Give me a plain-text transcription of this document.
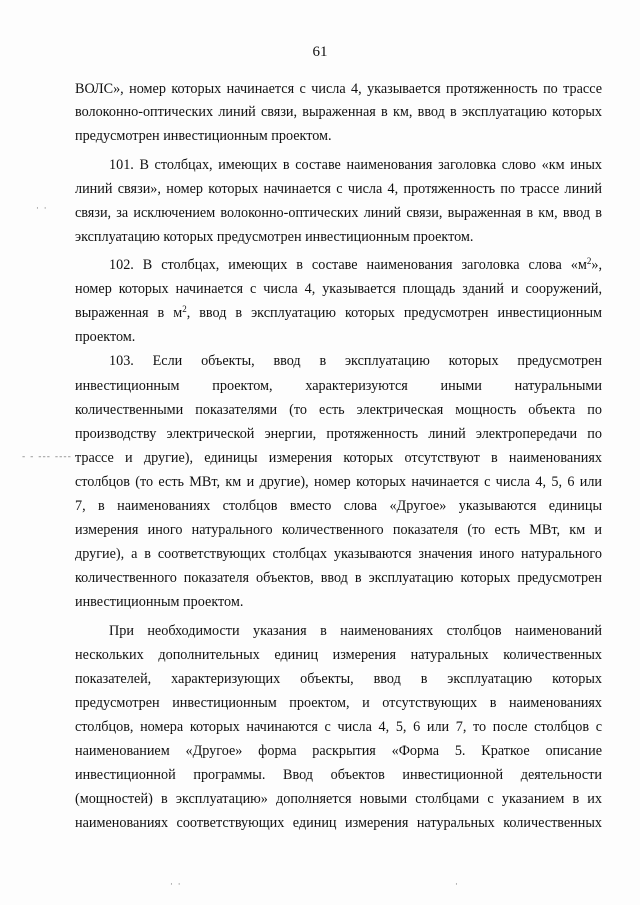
61
ВОЛС», номер которых начинается с числа 4, указывается протяженность по трассе
волоконно-оптических линий связи, выраженная в км, ввод в эксплуатацию которых
предусмотрен инвестиционным проектом.
101. В столбцах, имеющих в составе наименования заголовка слово «км иных
линий связи», номер которых начинается с числа 4, протяженность по трассе линий
связи, за исключением волоконно-оптических линий связи, выраженная в км, ввод в
эксплуатацию которых предусмотрен инвестиционным проектом.
102. В столбцах, имеющих в составе наименования заголовка слова «$м^2$»,
номер которых начинается с числа 4, указывается площадь зданий и сооружений,
выраженная в $м^2$, ввод в эксплуатацию которых предусмотрен инвестиционным
проектом.
103. Если объекты, ввод в эксплуатацию которых предусмотрен
инвестиционным проектом, характеризуются иными натуральными
количественными показателями (то есть электрическая мощность объекта по
производству электрической энергии, протяженность линий электропередачи по
трассе и другие), единицы измерения которых отсутствуют в наименованиях
столбцов (то есть МВт, км и другие), номер которых начинается с числа 4, 5, 6 или
7, в наименованиях столбцов вместо слова «Другое» указываются единицы
измерения иного натурального количественного показателя (то есть МВт, км и
другие), а в соответствующих столбцах указываются значения иного натурального
количественного показателя объектов, ввод в эксплуатацию которых предусмотрен
инвестиционным проектом.
При необходимости указания в наименованиях столбцов наименований
нескольких дополнительных единиц измерения натуральных количественных
показателей, характеризующих объекты, ввод в эксплуатацию которых
предусмотрен инвестиционным проектом, и отсутствующих в наименованиях
столбцов, номера которых начинаются с числа 4, 5, 6 или 7, то после столбцов с
наименованием «Другое» форма раскрытия «Форма 5. Краткое описание
инвестиционной программы. Ввод объектов инвестиционной деятельности
(мощностей) в эксплуатацию» дополняется новыми столбцами с указанием в их
наименованиях соответствующих единиц измерения натуральных количественных
· ·
‐ ‐ ‐‐‐ ‐‐‐‐
· ·	·
